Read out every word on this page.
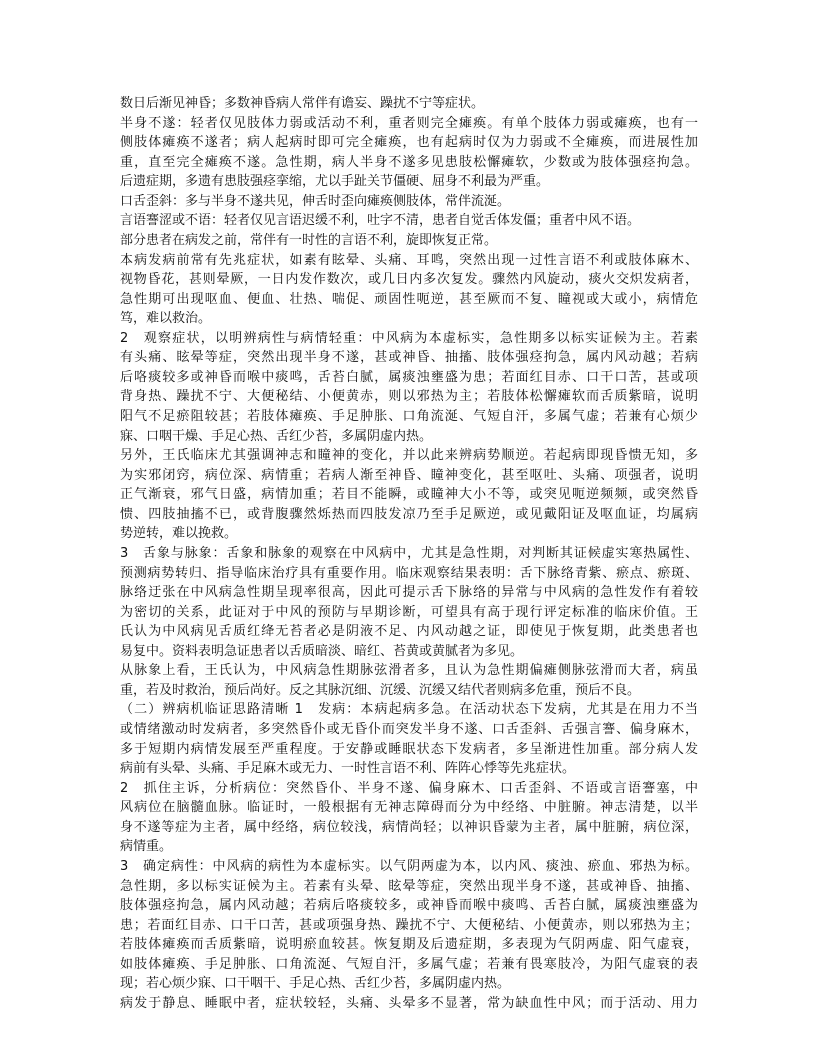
数日后渐见神昏；多数神昏病人常伴有谵妄、躁扰不宁等症状。
半身不遂：轻者仅见肢体力弱或活动不利，重者则完全瘫痪。有单个肢体力弱或瘫痪，也有一
侧肢体瘫痪不遂者；病人起病时即可完全瘫痪，也有起病时仅为力弱或不全瘫痪，而进展性加
重，直至完全瘫痪不遂。急性期，病人半身不遂多见患肢松懈瘫软，少数或为肢体强痉拘急。
后遗症期，多遗有患肢强痉挛缩，尤以手趾关节僵硬、屈身不利最为严重。
口舌歪斜：多与半身不遂共见，伸舌时歪向瘫痪侧肢体，常伴流涎。
言语謇涩或不语：轻者仅见言语迟缓不利，吐字不清，患者自觉舌体发僵；重者中风不语。
部分患者在病发之前，常伴有一时性的言语不利，旋即恢复正常。
本病发病前常有先兆症状，如素有眩晕、头痛、耳鸣，突然出现一过性言语不利或肢体麻木、
视物昏花，甚则晕厥，一日内发作数次，或几日内多次复发。骤然内风旋动，痰火交炽发病者，
急性期可出现呕血、便血、壮热、喘促、顽固性呃逆，甚至厥而不复、瞳视或大或小，病情危
笃，难以救治。
2　观察症状，以明辨病性与病情轻重：中风病为本虚标实，急性期多以标实证候为主。若素
有头痛、眩晕等症，突然出现半身不遂，甚或神昏、抽搐、肢体强痉拘急，属内风动越；若病
后咯痰较多或神昏而喉中痰鸣，舌苔白腻，属痰浊壅盛为患；若面红目赤、口干口苦，甚或项
背身热、躁扰不宁、大便秘结、小便黄赤，则以邪热为主；若肢体松懈瘫软而舌质紫暗，说明
阳气不足瘀阻较甚；若肢体瘫痪、手足肿胀、口角流涎、气短自汗，多属气虚；若兼有心烦少
寐、口咽干燥、手足心热、舌红少苔，多属阴虚内热。
另外，王氏临床尤其强调神志和瞳神的变化，并以此来辨病势顺逆。若起病即现昏愦无知，多
为实邪闭窍，病位深、病情重；若病人渐至神昏、瞳神变化，甚至呕吐、头痛、项强者，说明
正气渐衰，邪气日盛，病情加重；若目不能瞬，或瞳神大小不等，或突见呃逆频频，或突然昏
愦、四肢抽搐不已，或背腹骤然烁热而四肢发凉乃至手足厥逆，或见戴阳证及呕血证，均属病
势逆转，难以挽救。
3　舌象与脉象：舌象和脉象的观察在中风病中，尤其是急性期，对判断其证候虚实寒热属性、
预测病势转归、指导临床治疗具有重要作用。临床观察结果表明：舌下脉络青紫、瘀点、瘀斑、
脉络迂张在中风病急性期呈现率很高，因此可提示舌下脉络的异常与中风病的急性发作有着较
为密切的关系，此证对于中风的预防与早期诊断，可望具有高于现行评定标准的临床价值。王
氏认为中风病见舌质红绛无苔者必是阴液不足、内风动越之证，即使见于恢复期，此类患者也
易复中。资料表明急证患者以舌质暗淡、暗红、苔黄或黄腻者为多见。
从脉象上看，王氏认为，中风病急性期脉弦滑者多，且认为急性期偏瘫侧脉弦滑而大者，病虽
重，若及时救治，预后尚好。反之其脉沉细、沉缓、沉缓又结代者则病多危重，预后不良。
（二）辨病机临证思路清晰 1　发病：本病起病多急。在活动状态下发病，尤其是在用力不当
或情绪激动时发病者，多突然昏仆或无昏仆而突发半身不遂、口舌歪斜、舌强言謇、偏身麻木，
多于短期内病情发展至严重程度。于安静或睡眠状态下发病者，多呈渐进性加重。部分病人发
病前有头晕、头痛、手足麻木或无力、一时性言语不利、阵阵心悸等先兆症状。
2　抓住主诉，分析病位：突然昏仆、半身不遂、偏身麻木、口舌歪斜、不语或言语謇塞，中
风病位在脑髓血脉。临证时，一般根据有无神志障碍而分为中经络、中脏腑。神志清楚，以半
身不遂等症为主者，属中经络，病位较浅，病情尚轻；以神识昏蒙为主者，属中脏腑，病位深，
病情重。
3　确定病性：中风病的病性为本虚标实。以气阴两虚为本，以内风、痰浊、瘀血、邪热为标。
急性期，多以标实证候为主。若素有头晕、眩晕等症，突然出现半身不遂，甚或神昏、抽搐、
肢体强痉拘急，属内风动越；若病后咯痰较多，或神昏而喉中痰鸣、舌苔白腻，属痰浊壅盛为
患；若面红目赤、口干口苦，甚或项强身热、躁扰不宁、大便秘结、小便黄赤，则以邪热为主；
若肢体瘫痪而舌质紫暗，说明瘀血较甚。恢复期及后遗症期，多表现为气阴两虚、阳气虚衰，
如肢体瘫痪、手足肿胀、口角流涎、气短自汗，多属气虚；若兼有畏寒肢冷，为阳气虚衰的表
现；若心烦少寐、口干咽干、手足心热、舌红少苔，多属阴虚内热。
病发于静息、睡眠中者，症状较轻，头痛、头晕多不显著，常为缺血性中风；而于活动、用力
